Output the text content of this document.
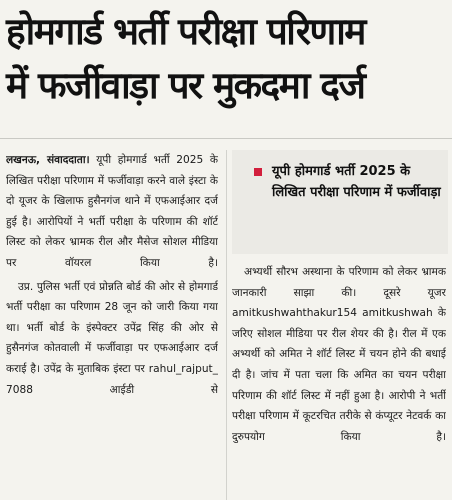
होमगार्ड भर्ती परीक्षा परिणाम
में फर्जीवाड़ा पर मुकदमा दर्ज

लखनऊ, संवाददाता। यूपी होमगार्ड भर्ती 2025 के लिखित परीक्षा परिणाम में फर्जीवाड़ा करने वाले इंस्टा के दो यूजर के खिलाफ हुसैनगंज थाने में एफआईआर दर्ज हुई है। आरोपियों ने भर्ती परीक्षा के परिणाम की शॉर्ट लिस्ट को लेकर भ्रामक रील और मैसेज सोशल मीडिया पर वॉयरल किया है।

उप्र. पुलिस भर्ती एवं प्रोन्नति बोर्ड की ओर से होमगार्ड भर्ती परीक्षा का परिणाम 28 जून को जारी किया गया था। भर्ती बोर्ड के इंस्पेक्टर उपेंद्र सिंह की ओर से हुसैनगंज कोतवाली में फर्जीवाड़ा पर एफआईआर दर्ज कराई है। उपेंद्र के मुताबिक इंस्टा पर rahul_rajput_ 7088 आईडी से

यूपी होमगार्ड भर्ती 2025 के लिखित परीक्षा परिणाम में फर्जीवाड़ा

अभ्यर्थी सौरभ अस्थाना के परिणाम को लेकर भ्रामक जानकारी साझा की। दूसरे यूजर amitkushwahthakur154 amitkushwah के जरिए सोशल मीडिया पर रील शेयर की है। रील में एक अभ्यर्थी को अमित ने शॉर्ट लिस्ट में चयन होने की बधाई दी है। जांच में पता चला कि अमित का चयन परीक्षा परिणाम की शॉर्ट लिस्ट में नहीं हुआ है। आरोपी ने भर्ती परीक्षा परिणाम में कूटरचित तरीके से कंप्यूटर नेटवर्क का दुरुपयोग किया है।
